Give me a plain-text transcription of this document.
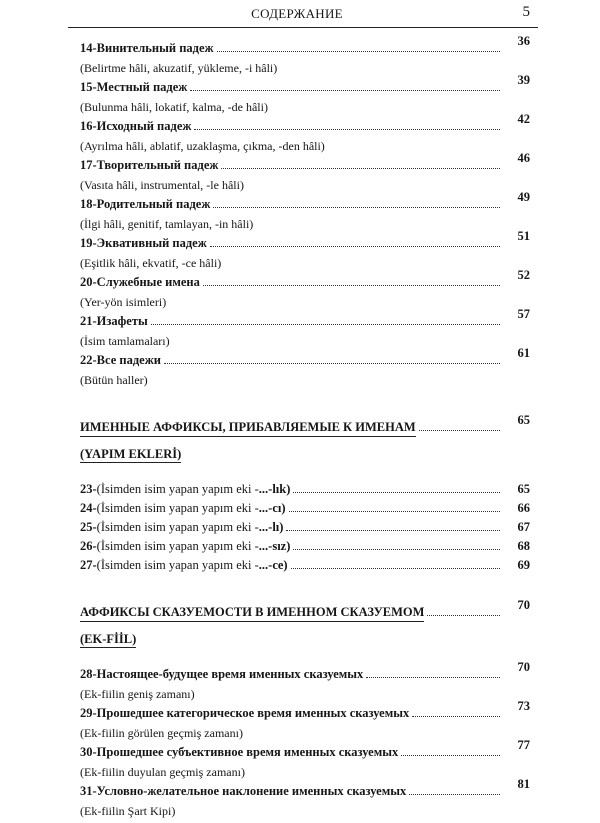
СОДЕРЖАНИЕ	5
14-Винительный падеж	36
(Belirtme hâli, akuzatif, yükleme, -i hâli)
15-Местный падеж	39
(Bulunma hâli, lokatif, kalma, -de hâli)
16-Исходный падеж	42
(Ayrılma hâli, ablatif, uzaklaşma, çıkma, -den hâli)
17-Творительный падеж	46
(Vasıta hâli, instrumental, -le hâli)
18-Родительный падеж	49
(İlgi hâli, genitif, tamlayan, -in hâli)
19-Эквативный падеж	51
(Eşitlik hâli, ekvatif, -ce hâli)
20-Служебные имена	52
(Yer-yön isimleri)
21-Изафеты	57
(İsim tamlamaları)
22-Все падежи	61
(Bütün haller)
ИМЕННЫЕ АФФИКСЫ, ПРИБАВЛЯЕМЫЕ К ИМЕНАМ	65
(YAPIM EKLERİ)
23- (İsimden isim yapan yapım eki - ...-lık)	65
24- (İsimden isim yapan yapım eki - ...-cı)	66
25- (İsimden isim yapan yapım eki - ...-lı)	67
26- (İsimden isim yapan yapım eki - ...-sız)	68
27- (İsimden isim yapan yapım eki - ...-ce)	69
АФФИКСЫ СКАЗУЕМОСТИ В ИМЕННОМ СКАЗУЕМОМ	70
(EK-FİİL)
28-Настоящее-будущее время именных сказуемых	70
(Ek-fiilin geniş zamanı)
29-Прошедшее категорическое время именных сказуемых	73
(Ek-fiilin görülen geçmiş zamanı)
30-Прошедшее субъективное время именных сказуемых	77
(Ek-fiilin duyulan geçmiş zamanı)
31-Условно-желательное наклонение именных сказуемых	81
(Ek-fiilin Şart Kipi)
